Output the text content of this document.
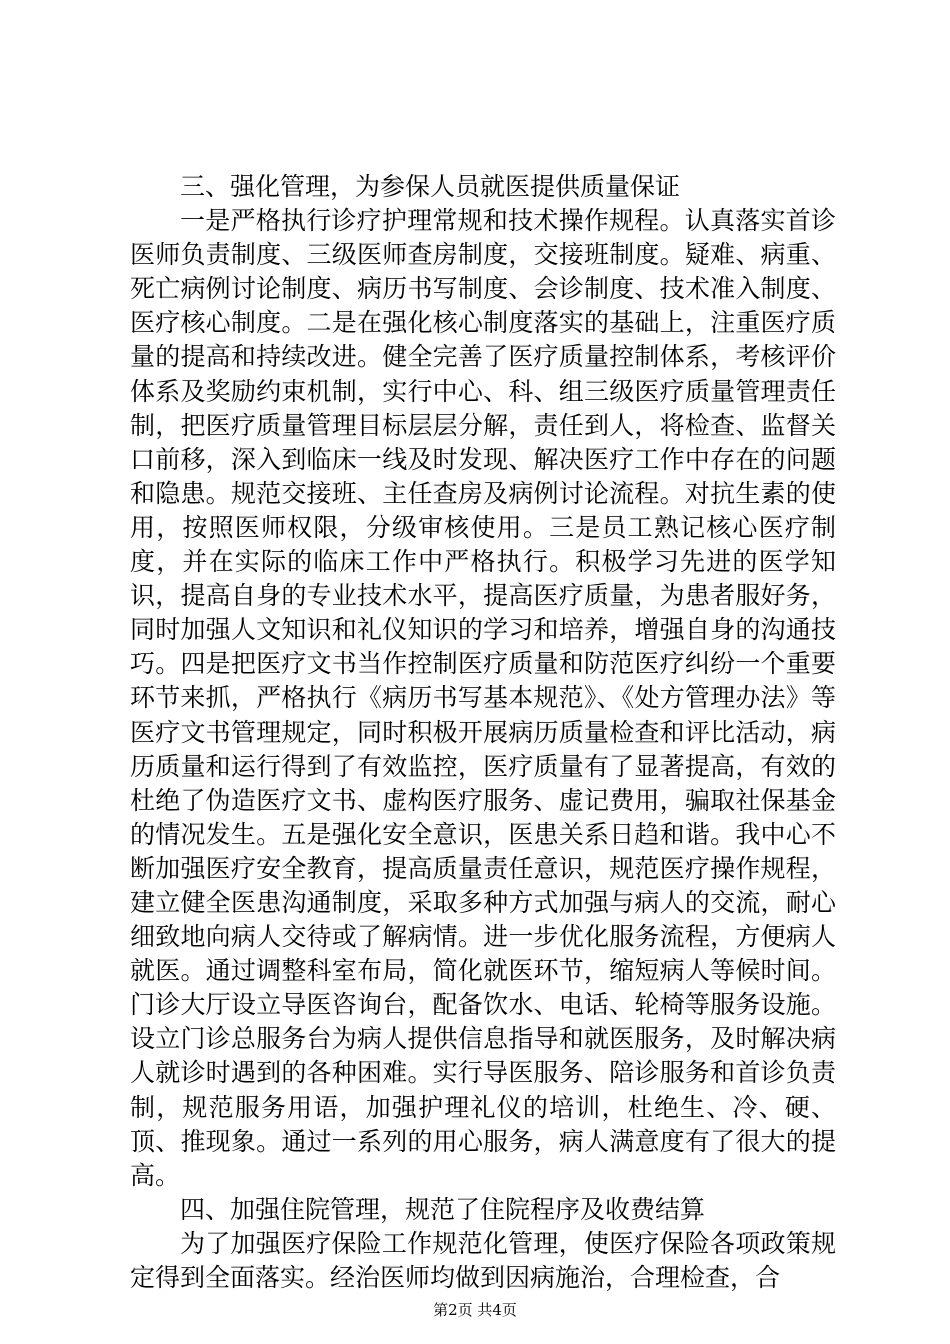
三、强化管理，为参保人员就医提供质量保证

一是严格执行诊疗护理常规和技术操作规程。认真落实首诊医师负责制度、三级医师查房制度，交接班制度。疑难、病重、死亡病例讨论制度、病历书写制度、会诊制度、技术准入制度、医疗核心制度。二是在强化核心制度落实的基础上，注重医疗质量的提高和持续改进。健全完善了医疗质量控制体系，考核评价体系及奖励约束机制，实行中心、科、组三级医疗质量管理责任制，把医疗质量管理目标层层分解，责任到人，将检查、监督关口前移，深入到临床一线及时发现、解决医疗工作中存在的问题和隐患。规范交接班、主任查房及病例讨论流程。对抗生素的使用，按照医师权限，分级审核使用。三是员工熟记核心医疗制度，并在实际的临床工作中严格执行。积极学习先进的医学知识，提高自身的专业技术水平，提高医疗质量，为患者服好务，同时加强人文知识和礼仪知识的学习和培养，增强自身的沟通技巧。四是把医疗文书当作控制医疗质量和防范医疗纠纷一个重要环节来抓，严格执行《病历书写基本规范》、《处方管理办法》等医疗文书管理规定，同时积极开展病历质量检查和评比活动，病历质量和运行得到了有效监控，医疗质量有了显著提高，有效的杜绝了伪造医疗文书、虚构医疗服务、虚记费用，骗取社保基金的情况发生。五是强化安全意识，医患关系日趋和谐。我中心不断加强医疗安全教育，提高质量责任意识，规范医疗操作规程，建立健全医患沟通制度，采取多种方式加强与病人的交流，耐心细致地向病人交待或了解病情。进一步优化服务流程，方便病人就医。通过调整科室布局，简化就医环节，缩短病人等候时间。门诊大厅设立导医咨询台，配备饮水、电话、轮椅等服务设施。设立门诊总服务台为病人提供信息指导和就医服务，及时解决病人就诊时遇到的各种困难。实行导医服务、陪诊服务和首诊负责制，规范服务用语，加强护理礼仪的培训，杜绝生、冷、硬、顶、推现象。通过一系列的用心服务，病人满意度有了很大的提高。

四、加强住院管理，规范了住院程序及收费结算

为了加强医疗保险工作规范化管理，使医疗保险各项政策规定得到全面落实。经治医师均做到因病施治，合理检查，合

第2页 共4页
